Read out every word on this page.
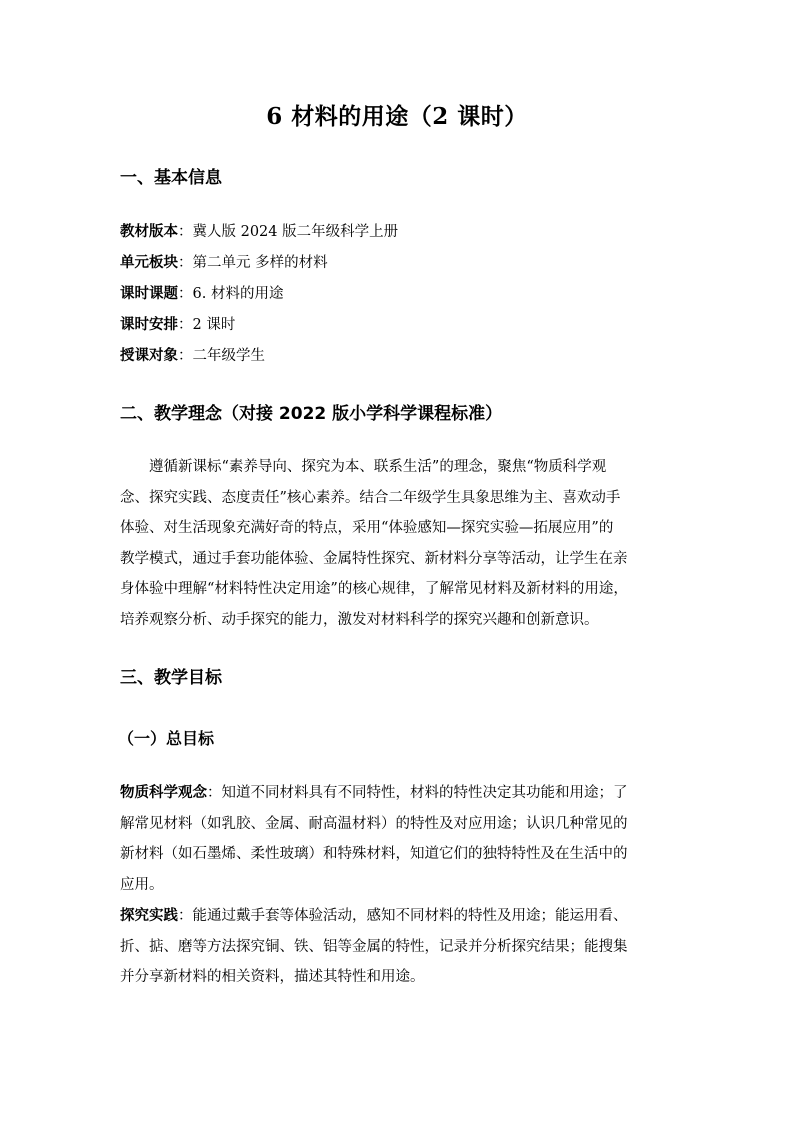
6 材料的用途（2 课时）
一、基本信息
教材版本：冀人版 2024 版二年级科学上册
单元板块：第二单元 多样的材料
课时课题：6. 材料的用途
课时安排：2 课时
授课对象：二年级学生
二、教学理念（对接 2022 版小学科学课程标准）
　　遵循新课标“素养导向、探究为本、联系生活”的理念，聚焦“物质科学观
念、探究实践、态度责任”核心素养。结合二年级学生具象思维为主、喜欢动手
体验、对生活现象充满好奇的特点，采用“体验感知—探究实验—拓展应用”的
教学模式，通过手套功能体验、金属特性探究、新材料分享等活动，让学生在亲
身体验中理解“材料特性决定用途”的核心规律，了解常见材料及新材料的用途，
培养观察分析、动手探究的能力，激发对材料科学的探究兴趣和创新意识。
三、教学目标
（一）总目标
物质科学观念：知道不同材料具有不同特性，材料的特性决定其功能和用途；了
解常见材料（如乳胶、金属、耐高温材料）的特性及对应用途；认识几种常见的
新材料（如石墨烯、柔性玻璃）和特殊材料，知道它们的独特特性及在生活中的
应用。
探究实践：能通过戴手套等体验活动，感知不同材料的特性及用途；能运用看、
折、掂、磨等方法探究铜、铁、铝等金属的特性，记录并分析探究结果；能搜集
并分享新材料的相关资料，描述其特性和用途。
